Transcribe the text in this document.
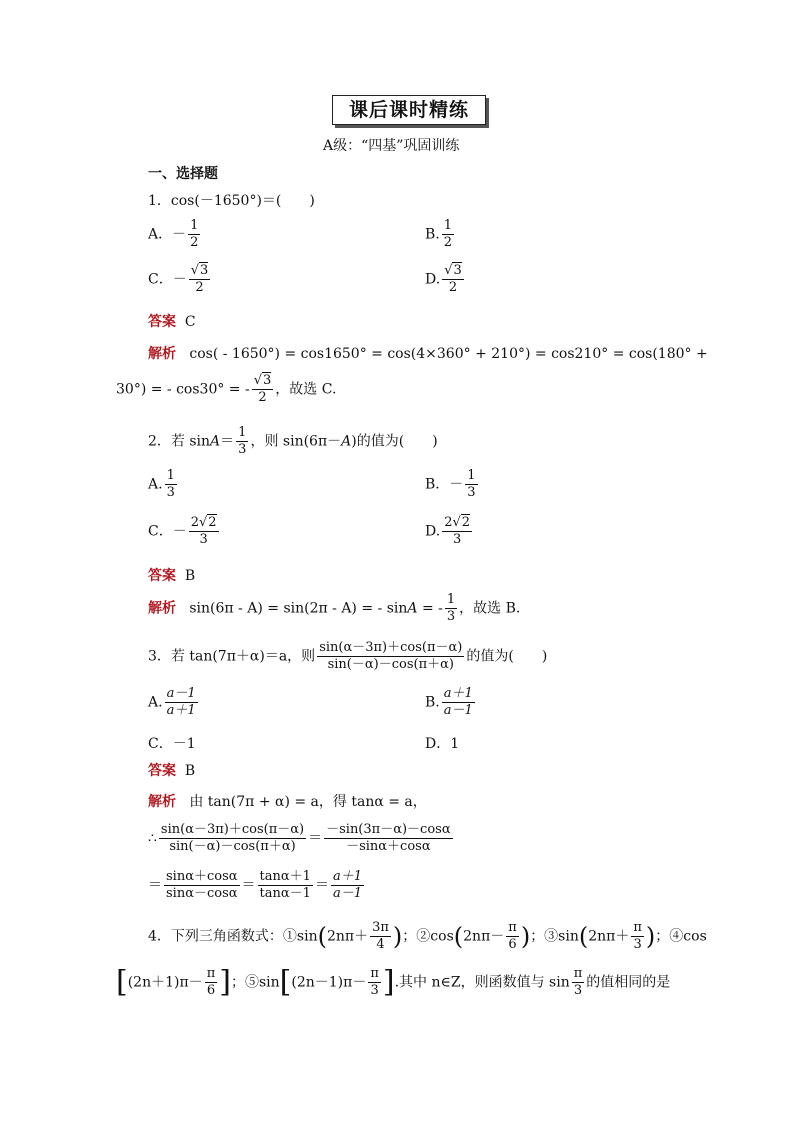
课后课时精练
A级：“四基”巩固训练
一、选择题
1．cos(－1650°)＝(　　)
A．－ $\frac{1}{2}$	B. $\frac{1}{2}$
C．－ $\frac{√3}{2}$	D. $\frac{√3}{2}$
答案 C
解析 cos( - 1650°) = cos1650° = cos(4×360° + 210°) = cos210° = cos(180° +
30°) = - cos30° = - $\frac{√3}{2}$ ，故选 C.
2．若 $\sin A= \frac{1}{3}$ ，则 sin(6π－A)的值为(　　)
A. $\frac{1}{3}$	B．－ $\frac{1}{3}$
C．－ $\frac{2√2}{3}$	D. $\frac{2√2}{3}$
答案 B
解析 sin(6π - A) = sin(2π - A) = - sinA = - $\frac{1}{3}$ ，故选 B.
3．若 tan(7π＋α)＝a，则 $\frac{\sin(\alpha-3\pi)+\cos(\pi-\alpha)}{\sin(-\alpha)-\cos(\pi+\alpha)}$ 的值为(　　)
A. $\frac{a-1}{a+1}$	B. $\frac{a+1}{a-1}$
C．－1	D．1
答案 B
解析 由 tan(7π + α) = a，得 tanα = a，
∴ $\frac{\sin(\alpha-3\pi)+\cos(\pi-\alpha)}{\sin(-\alpha)-\cos(\pi+\alpha)} = \frac{-\sin(3\pi-\alpha)-\cos\alpha}{-\sin\alpha+\cos\alpha}$
＝ $\frac{\sin\alpha+\cos\alpha}{\sin\alpha-\cos\alpha} = \frac{\tan\alpha+1}{\tan\alpha-1} = \frac{a+1}{a-1}$
4．下列三角函数式：①sin(2nπ＋ $\frac{3\pi}{4}$ )；②cos(2nπ－ $\frac{\pi}{6}$ )；③sin(2nπ＋ $\frac{\pi}{3}$ )；④cos
[$(2n+1)\pi- \frac{\pi}{6}$ ]；⑤sin[(2n－1)π－ $\frac{\pi}{3}$ ].其中 n∈Z，则函数值与 $\sin \frac{\pi}{3}$ 的值相同的是
